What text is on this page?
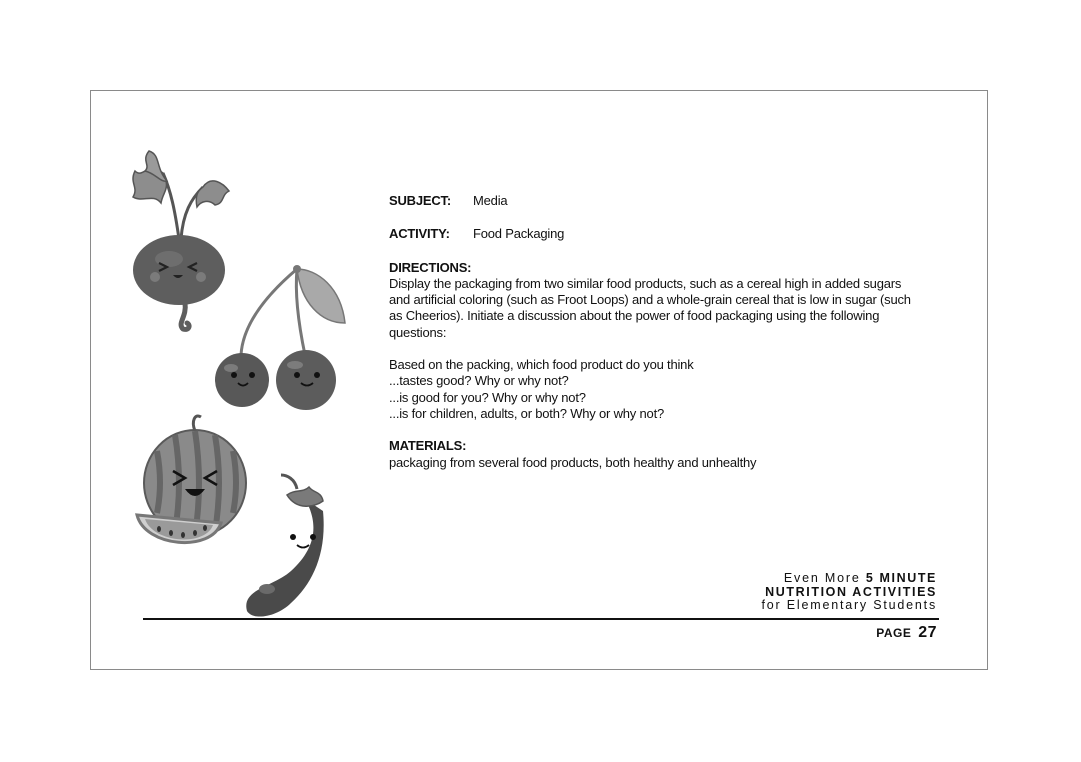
SUBJECT:	Media
ACTIVITY:	Food Packaging
DIRECTIONS:
Display the packaging from two similar food products, such as a cereal high in added sugars
and artificial coloring (such as Froot Loops) and a whole-grain cereal that is low in sugar (such
as Cheerios). Initiate a discussion about the power of food packaging using the following
questions:
Based on the packing, which food product do you think
...tastes good? Why or why not?
...is good for you? Why or why not?
...is for children, adults, or both? Why or why not?
MATERIALS:
packaging from several food products, both healthy and unhealthy
Even More 5 MINUTE
NUTRITION ACTIVITIES
for Elementary Students
PAGE 27
